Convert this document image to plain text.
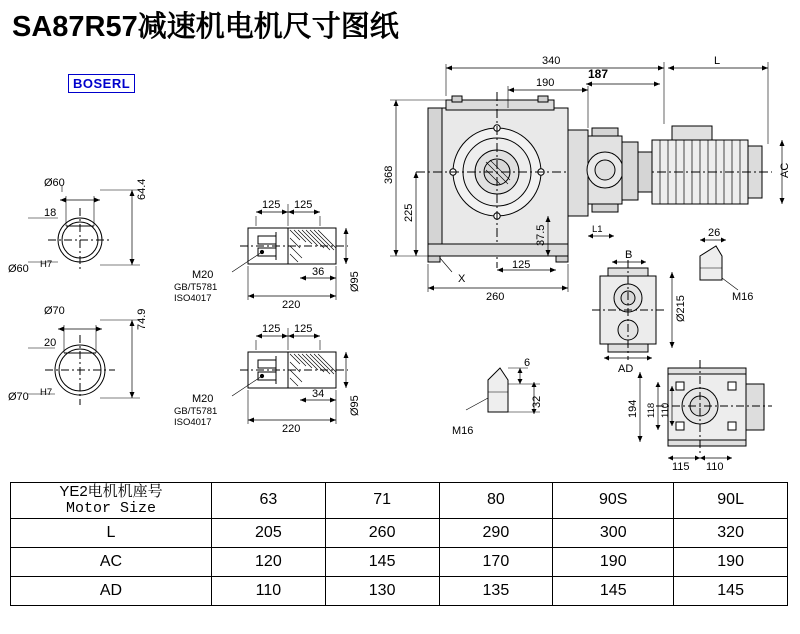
SA87R57减速机电机尺寸图纸
BOSERL
Ø60
18
64.4
Ø60 H7
Ø70
20
74.9
Ø70 H7
125 125
36
220
Ø95
M20
GB/T5781
ISO4017
125 125
34
220
Ø95
M20
GB/T5781
ISO4017
340
190
187
L
AC
368
225
37.5
125
260
X
L1	26
B
Ø215	M16
AD
M16
6
32	194 118 110
115 110
YE2电机机座号
Motor Size	63	71	80	90S	90L
L	205	260	290	300	320
AC	120	145	170	190	190
AD	110	130	135	145	145
